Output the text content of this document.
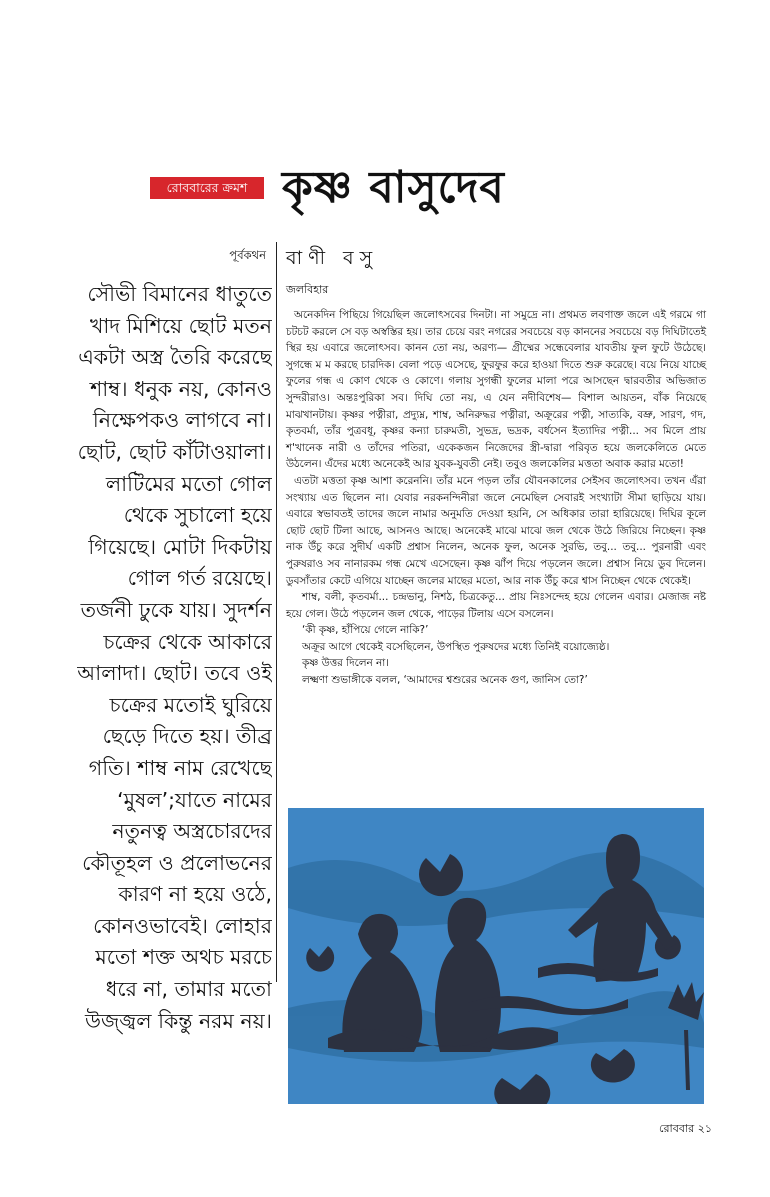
রোববারের ক্রমশ কৃষ্ণ বাসুদেব
পূর্বকথন
সৌভী বিমানের ধাতুতে
খাদ মিশিয়ে ছোট মতন
একটা অস্ত্র তৈরি করেছে
শাম্ব। ধনুক নয়, কোনও
নিক্ষেপকও লাগবে না।
ছোট, ছোট কাঁটাওয়ালা।
লাটিমের মতো গোল
থেকে সুচালো হয়ে
গিয়েছে। মোটা দিকটায়
গোল গর্ত রয়েছে।
তর্জনী ঢুকে যায়। সুদর্শন
চক্রের থেকে আকারে
আলাদা। ছোট। তবে ওই
চক্রের মতোই ঘুরিয়ে
ছেড়ে দিতে হয়। তীব্র
গতি। শাম্ব নাম রেখেছে
‘মুষল’;যাতে নামের
নতুনত্ব অস্ত্রচোরদের
কৌতূহল ও প্রলোভনের
কারণ না হয়ে ওঠে,
কোনওভাবেই। লোহার
মতো শক্ত অথচ মরচে
ধরে না, তামার মতো
উজ্জ্বল কিন্তু নরম নয়।
বাণী বসু
জলবিহার

অনেকদিন পিছিয়ে গিয়েছিল জলোৎসবের দিনটা। না সমুদ্রে না। প্রথমত লবণাক্ত জলে এই গরমে গা চটচট করলে সে বড় অস্বস্তির হয়। তার চেয়ে বরং নগরের সবচেয়ে বড় কাননের সবচেয়ে বড় দিঘিটাতেই স্থির হয় এবারে জলোৎসব। কানন তো নয়, অরণ্য— গ্রীষ্মের সন্ধেবেলার যাবতীয় ফুল ফুটে উঠেছে। সুগন্ধে ম ম করছে চারদিক। বেলা পড়ে এসেছে, ফুরফুর করে হাওয়া দিতে শুরু করেছে। বয়ে নিয়ে যাচ্ছে ফুলের গন্ধ এ কোণ থেকে ও কোণে। গলায় সুগন্ধী ফুলের মালা পরে আসছেন দ্বারবতীর অভিজাত সুন্দরীরাও। অন্তঃপুরিকা সব। দিঘি তো নয়, এ যেন নদীবিশেষ— বিশাল আয়তন, বাঁক নিয়েছে মাঝখানটায়। কৃষ্ণর পত্নীরা, প্রদ্যুম্ন, শাম্ব, অনিরুদ্ধর পত্নীরা, অক্রূরের পত্নী, সাত্যকি, বভ্রু, সারণ, গদ, কৃতবর্মা, তাঁর পুত্রবধূ, কৃষ্ণর কন্যা চারুমতী, সুভদ্র, ভদ্রক, বর্ধসেন ইত্যাদির পত্নী... সব মিলে প্রায় শ'খানেক নারী ও তাঁদের পতিরা, একেকজন নিজেদের স্ত্রী-দ্বারা পরিবৃত হয়ে জলকেলিতে মেতে উঠলেন। এঁদের মধ্যে অনেকেই আর যুবক-যুবতী নেই। তবুও জলকেলির মত্ততা অবাক করার মতো!

এতটা মত্ততা কৃষ্ণ আশা করেননি। তাঁর মনে পড়ল তাঁর যৌবনকালের সেইসব জলোৎসব। তখন এঁরা সংখ্যায় এত ছিলেন না। যেবার নরকনন্দিনীরা জলে নেমেছিল সেবারই সংখ্যাটা সীমা ছাড়িয়ে যায়। এবারে স্বভাবতই তাদের জলে নামার অনুমতি দেওয়া হয়নি, সে অধিকার তারা হারিয়েছে। দিঘির কূলে ছোট ছোট টিলা আছে, আসনও আছে। অনেকেই মাঝে মাঝে জল থেকে উঠে জিরিয়ে নিচ্ছেন। কৃষ্ণ নাক উঁচু করে সুদীর্ঘ একটি প্রশ্বাস নিলেন, অনেক ফুল, অনেক সুরভি, তবু... তবু... পুরনারী এবং পুরুষরাও সব নানারকম গন্ধ মেখে এসেছেন। কৃষ্ণ ঝাঁপ দিয়ে পড়লেন জলে। প্রশ্বাস নিয়ে ডুব দিলেন। ডুবসাঁতার কেটে এগিয়ে যাচ্ছেন জলের মাছের মতো, আর নাক উঁচু করে শ্বাস নিচ্ছেন থেকে থেকেই।

শাম্ব, বলী, কৃতবর্মা... চন্দ্রভানু, নিশঠ, চিত্রকেতু... প্রায় নিঃসন্দেহ হয়ে গেলেন এবার। মেজাজ নষ্ট হয়ে গেল। উঠে পড়লেন জল থেকে, পাড়ের টিলায় এসে বসলেন।

‘কী কৃষ্ণ, হাঁপিয়ে গেলে নাকি?’

অক্রূর আগে থেকেই বসেছিলেন, উপস্থিত পুরুষদের মধ্যে তিনিই বয়োজ্যেষ্ঠ।

কৃষ্ণ উত্তর দিলেন না।

লক্ষ্মণা শুভাঙ্গীকে বলল, ‘আমাদের শ্বশুরের অনেক গুণ, জানিস তো?’

রোববার ২১
